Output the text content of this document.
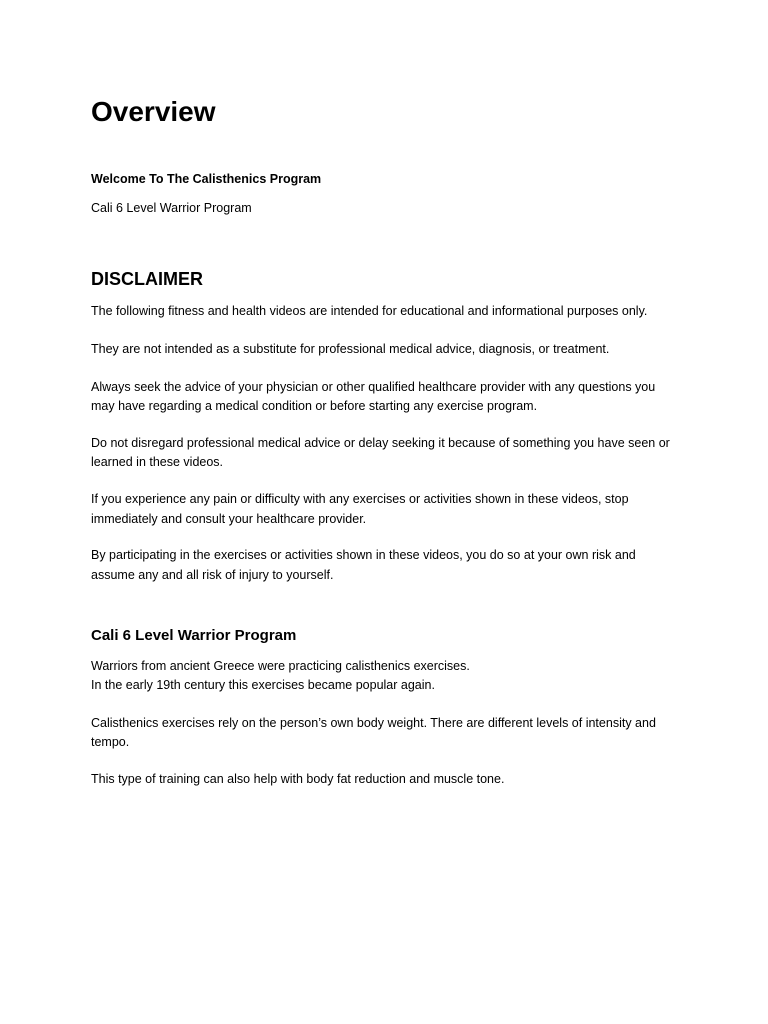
Overview

Welcome To The Calisthenics Program

Cali 6 Level Warrior Program

DISCLAIMER

The following fitness and health videos are intended for educational and informational purposes only.

They are not intended as a substitute for professional medical advice, diagnosis, or treatment.

Always seek the advice of your physician or other qualified healthcare provider with any questions you

may have regarding a medical condition or before starting any exercise program.

Do not disregard professional medical advice or delay seeking it because of something you have seen or

learned in these videos.

If you experience any pain or difficulty with any exercises or activities shown in these videos, stop

immediately and consult your healthcare provider.

By participating in the exercises or activities shown in these videos, you do so at your own risk and

assume any and all risk of injury to yourself.

Cali 6 Level Warrior Program

Warriors from ancient Greece were practicing calisthenics exercises.

In the early 19th century this exercises became popular again.

Calisthenics exercises rely on the person’s own body weight. There are different levels of intensity and

tempo.

This type of training can also help with body fat reduction and muscle tone.
